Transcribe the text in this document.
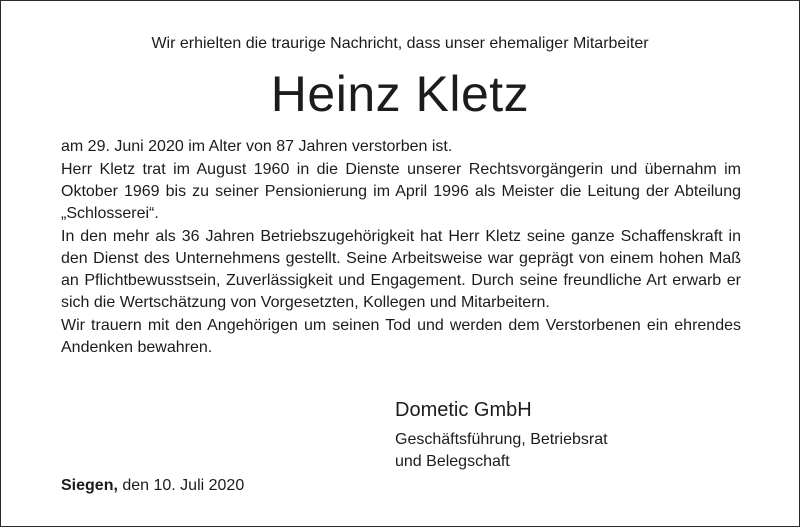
Wir erhielten die traurige Nachricht, dass unser ehemaliger Mitarbeiter
Heinz Kletz

am 29. Juni 2020 im Alter von 87 Jahren verstorben ist.

Herr Kletz trat im August 1960 in die Dienste unserer Rechtsvorgängerin und übernahm im Oktober 1969 bis zu seiner Pensionierung im April 1996 als Meister die Leitung der Abteilung „Schlosserei“.

In den mehr als 36 Jahren Betriebszugehörigkeit hat Herr Kletz seine ganze Schaffenskraft in den Dienst des Unternehmens gestellt. Seine Arbeitsweise war geprägt von einem hohen Maß an Pflichtbewusstsein, Zuverlässigkeit und Engagement. Durch seine freundliche Art erwarb er sich die Wertschätzung von Vorgesetzten, Kollegen und Mitarbeitern.

Wir trauern mit den Angehörigen um seinen Tod und werden dem Verstorbenen ein ehrendes Andenken bewahren.

Dometic GmbH
Geschäftsführung, Betriebsrat
und Belegschaft
Siegen, den 10. Juli 2020
